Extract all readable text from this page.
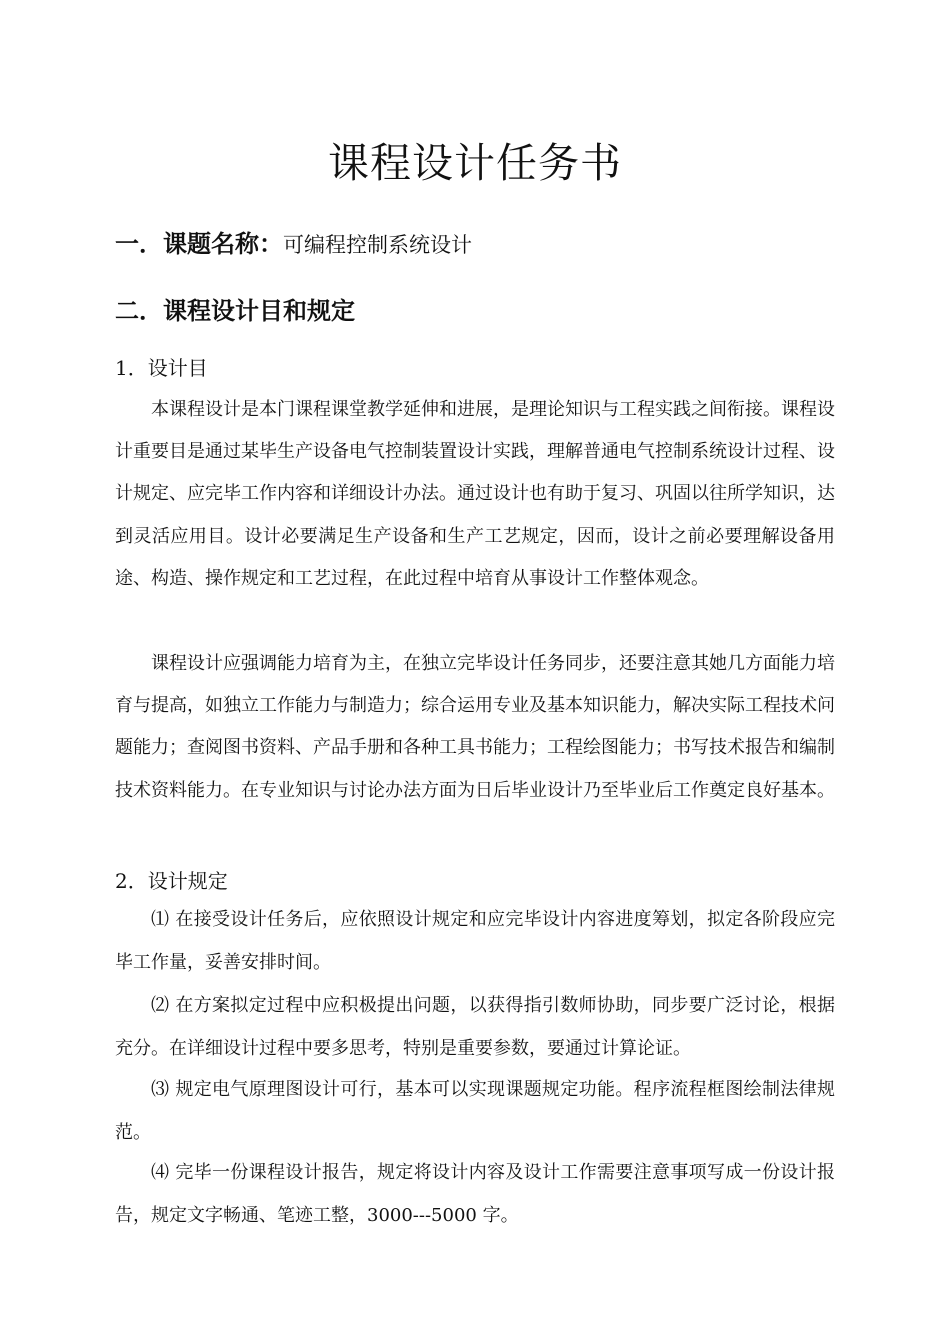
课程设计任务书
一．课题名称：可编程控制系统设计
二．课程设计目和规定
1．设计目
本课程设计是本门课程课堂教学延伸和进展，是理论知识与工程实践之间衔接。课程设计重要目是通过某毕生产设备电气控制装置设计实践，理解普通电气控制系统设计过程、设计规定、应完毕工作内容和详细设计办法。通过设计也有助于复习、巩固以往所学知识，达到灵活应用目。设计必要满足生产设备和生产工艺规定，因而，设计之前必要理解设备用途、构造、操作规定和工艺过程，在此过程中培育从事设计工作整体观念。
课程设计应强调能力培育为主，在独立完毕设计任务同步，还要注意其她几方面能力培育与提高，如独立工作能力与制造力；综合运用专业及基本知识能力，解决实际工程技术问题能力；查阅图书资料、产品手册和各种工具书能力；工程绘图能力；书写技术报告和编制技术资料能力。在专业知识与讨论办法方面为日后毕业设计乃至毕业后工作奠定良好基本。
2．设计规定
⑴ 在接受设计任务后，应依照设计规定和应完毕设计内容进度筹划，拟定各阶段应完毕工作量，妥善安排时间。
⑵ 在方案拟定过程中应积极提出问题，以获得指引数师协助，同步要广泛讨论，根据充分。在详细设计过程中要多思考，特别是重要参数，要通过计算论证。
⑶ 规定电气原理图设计可行，基本可以实现课题规定功能。程序流程框图绘制法律规范。
⑷ 完毕一份课程设计报告，规定将设计内容及设计工作需要注意事项写成一份设计报告，规定文字畅通、笔迹工整，3000---5000 字。
